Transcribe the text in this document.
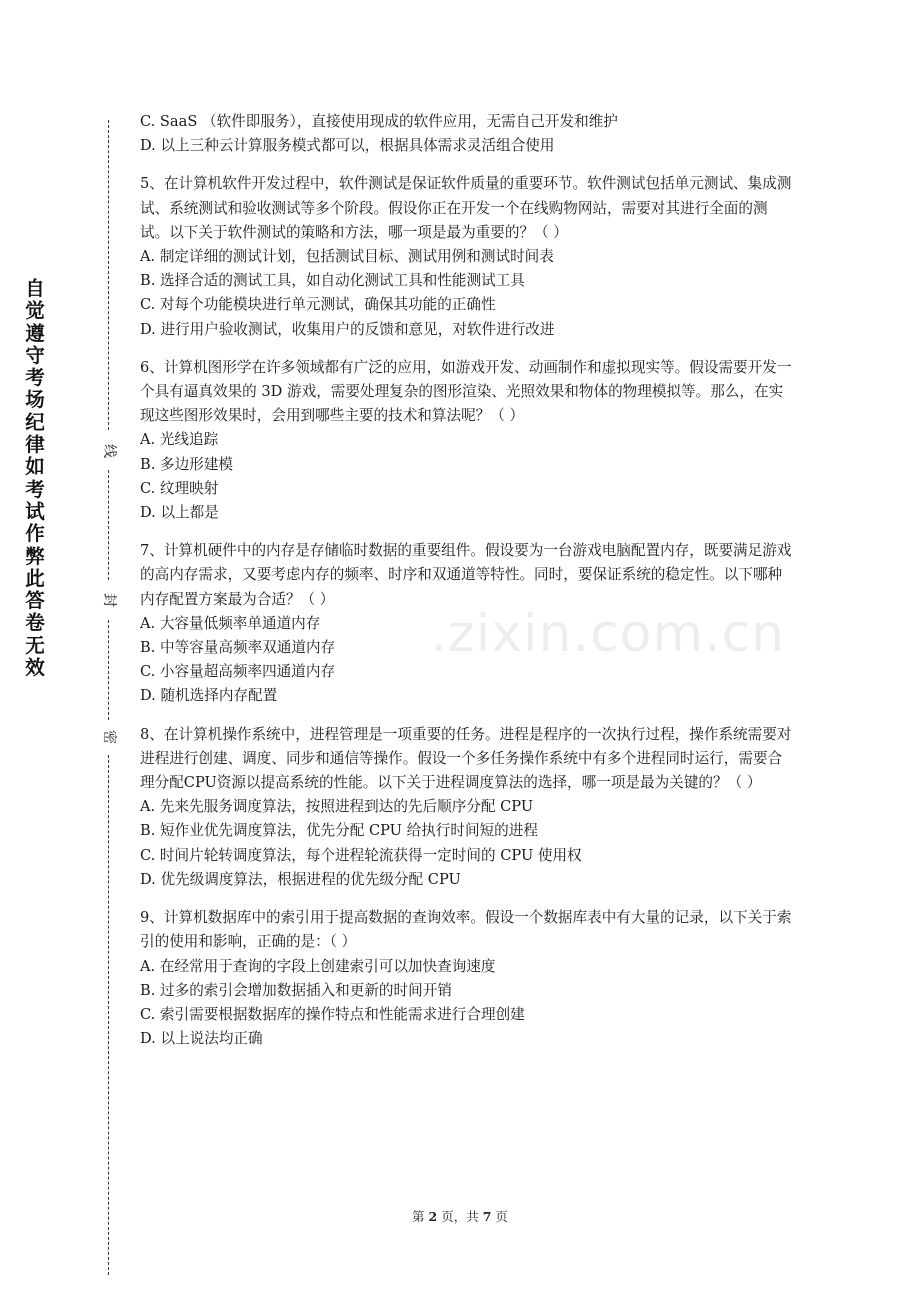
自觉遵守考场纪律如考试作弊此答卷无效
线
封
密
.zixin.com.cn

C. SaaS （软件即服务），直接使用现成的软件应用，无需自己开发和维护

D. 以上三种云计算服务模式都可以，根据具体需求灵活组合使用

5、在计算机软件开发过程中，软件测试是保证软件质量的重要环节。软件测试包括单元测试、集成测试、系统测试和验收测试等多个阶段。假设你正在开发一个在线购物网站，需要对其进行全面的测试。以下关于软件测试的策略和方法，哪一项是最为重要的？（ ）

A. 制定详细的测试计划，包括测试目标、测试用例和测试时间表

B. 选择合适的测试工具，如自动化测试工具和性能测试工具

C. 对每个功能模块进行单元测试，确保其功能的正确性

D. 进行用户验收测试，收集用户的反馈和意见，对软件进行改进

6、计算机图形学在许多领域都有广泛的应用，如游戏开发、动画制作和虚拟现实等。假设需要开发一个具有逼真效果的 3D 游戏，需要处理复杂的图形渲染、光照效果和物体的物理模拟等。那么，在实现这些图形效果时，会用到哪些主要的技术和算法呢？（ ）

A. 光线追踪

B. 多边形建模

C. 纹理映射

D. 以上都是

7、计算机硬件中的内存是存储临时数据的重要组件。假设要为一台游戏电脑配置内存，既要满足游戏的高内存需求，又要考虑内存的频率、时序和双通道等特性。同时，要保证系统的稳定性。以下哪种内存配置方案最为合适？（ ）

A. 大容量低频率单通道内存

B. 中等容量高频率双通道内存

C. 小容量超高频率四通道内存

D. 随机选择内存配置

8、在计算机操作系统中，进程管理是一项重要的任务。进程是程序的一次执行过程，操作系统需要对进程进行创建、调度、同步和通信等操作。假设一个多任务操作系统中有多个进程同时运行，需要合理分配CPU资源以提高系统的性能。以下关于进程调度算法的选择，哪一项是最为关键的？（ ）

A. 先来先服务调度算法，按照进程到达的先后顺序分配 CPU

B. 短作业优先调度算法，优先分配 CPU 给执行时间短的进程

C. 时间片轮转调度算法，每个进程轮流获得一定时间的 CPU 使用权

D. 优先级调度算法，根据进程的优先级分配 CPU

9、计算机数据库中的索引用于提高数据的查询效率。假设一个数据库表中有大量的记录，以下关于索引的使用和影响，正确的是：（ ）

A. 在经常用于查询的字段上创建索引可以加快查询速度

B. 过多的索引会增加数据插入和更新的时间开销

C. 索引需要根据数据库的操作特点和性能需求进行合理创建

D. 以上说法均正确

第 2 页，共 7 页
